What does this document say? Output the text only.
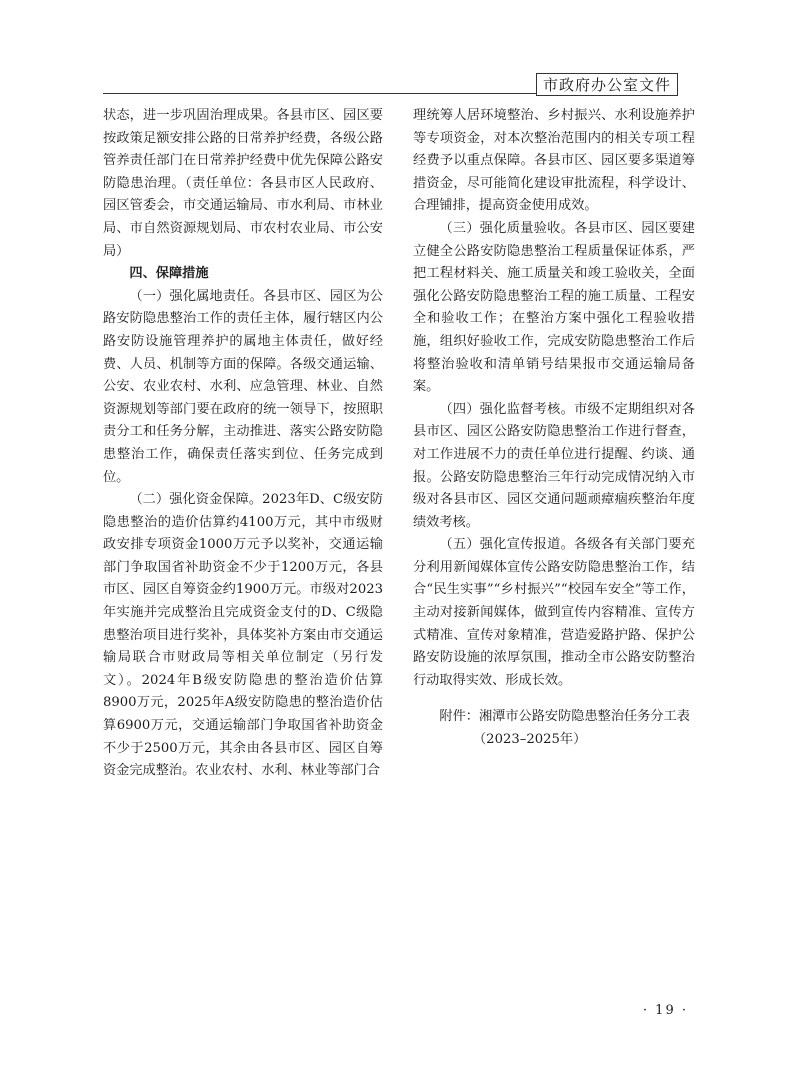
市政府办公室文件

状态，进一步巩固治理成果。各县市区、园区要按政策足额安排公路的日常养护经费，各级公路管养责任部门在日常养护经费中优先保障公路安防隐患治理。（责任单位：各县市区人民政府、园区管委会，市交通运输局、市水利局、市林业局、市自然资源规划局、市农村农业局、市公安局）

四、保障措施

（一）强化属地责任。各县市区、园区为公路安防隐患整治工作的责任主体，履行辖区内公路安防设施管理养护的属地主体责任，做好经费、人员、机制等方面的保障。各级交通运输、公安、农业农村、水利、应急管理、林业、自然资源规划等部门要在政府的统一领导下，按照职责分工和任务分解，主动推进、落实公路安防隐患整治工作，确保责任落实到位、任务完成到位。

（二）强化资金保障。2023年D、C级安防隐患整治的造价估算约4100万元，其中市级财政安排专项资金1000万元予以奖补，交通运输部门争取国省补助资金不少于1200万元，各县市区、园区自筹资金约1900万元。市级对2023年实施并完成整治且完成资金支付的D、C级隐患整治项目进行奖补，具体奖补方案由市交通运输局联合市财政局等相关单位制定（另行发文）。2024年B级安防隐患的整治造价估算8900万元，2025年A级安防隐患的整治造价估算6900万元，交通运输部门争取国省补助资金不少于2500万元，其余由各县市区、园区自筹资金完成整治。农业农村、水利、林业等部门合

理统筹人居环境整治、乡村振兴、水利设施养护等专项资金，对本次整治范围内的相关专项工程经费予以重点保障。各县市区、园区要多渠道筹措资金，尽可能简化建设审批流程，科学设计、合理铺排，提高资金使用成效。

（三）强化质量验收。各县市区、园区要建立健全公路安防隐患整治工程质量保证体系，严把工程材料关、施工质量关和竣工验收关，全面强化公路安防隐患整治工程的施工质量、工程安全和验收工作；在整治方案中强化工程验收措施，组织好验收工作，完成安防隐患整治工作后将整治验收和清单销号结果报市交通运输局备案。

（四）强化监督考核。市级不定期组织对各县市区、园区公路安防隐患整治工作进行督查，对工作进展不力的责任单位进行提醒、约谈、通报。公路安防隐患整治三年行动完成情况纳入市级对各县市区、园区交通问题顽瘴痼疾整治年度绩效考核。

（五）强化宣传报道。各级各有关部门要充分利用新闻媒体宣传公路安防隐患整治工作，结合“民生实事”“乡村振兴”“校园车安全”等工作，主动对接新闻媒体，做到宣传内容精准、宣传方式精准、宣传对象精准，营造爱路护路、保护公路安防设施的浓厚氛围，推动全市公路安防整治行动取得实效、形成长效。

附件：湘潭市公路安防隐患整治任务分工表

（2023–2025年）

· 19 ·
